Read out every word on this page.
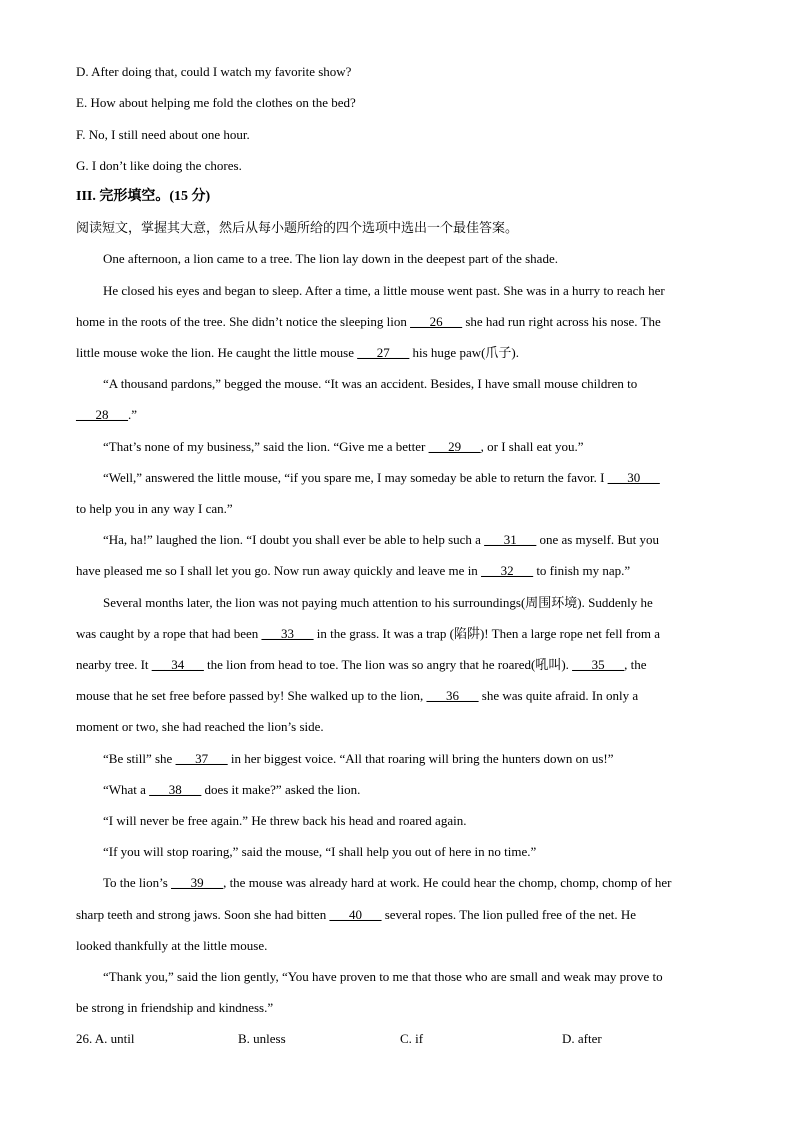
D. After doing that, could I watch my favorite show?
E. How about helping me fold the clothes on the bed?
F. No, I still need about one hour.
G. I don’t like doing the chores.
III. 完形填空。(15 分)
阅读短文，掌握其大意，然后从每小题所给的四个选项中选出一个最佳答案。
One afternoon, a lion came to a tree. The lion lay down in the deepest part of the shade.
He closed his eyes and began to sleep. After a time, a little mouse went past. She was in a hurry to reach her
home in the roots of the tree. She didn’t notice the sleeping lion ___26___ she had run right across his nose. The
little mouse woke the lion. He caught the little mouse ___27___ his huge paw(爪子).
“A thousand pardons,” begged the mouse. “It was an accident. Besides, I have small mouse children to
___28___.”
“That’s none of my business,” said the lion. “Give me a better ___29___, or I shall eat you.”
“Well,” answered the little mouse, “if you spare me, I may someday be able to return the favor. I ___30___
to help you in any way I can.”
“Ha, ha!” laughed the lion. “I doubt you shall ever be able to help such a ___31___ one as myself. But you
have pleased me so I shall let you go. Now run away quickly and leave me in ___32___ to finish my nap.”
Several months later, the lion was not paying much attention to his surroundings(周围环境). Suddenly he
was caught by a rope that had been ___33___ in the grass. It was a trap (陷阱)! Then a large rope net fell from a
nearby tree. It ___34___ the lion from head to toe. The lion was so angry that he roared(吼叫). ___35___, the
mouse that he set free before passed by! She walked up to the lion, ___36___ she was quite afraid. In only a
moment or two, she had reached the lion’s side.
“Be still” she ___37___ in her biggest voice. “All that roaring will bring the hunters down on us!”
“What a ___38___ does it make?” asked the lion.
“I will never be free again.” He threw back his head and roared again.
“If you will stop roaring,” said the mouse, “I shall help you out of here in no time.”
To the lion’s ___39___, the mouse was already hard at work. He could hear the chomp, chomp, chomp of her
sharp teeth and strong jaws. Soon she had bitten ___40___ several ropes. The lion pulled free of the net. He
looked thankfully at the little mouse.
“Thank you,” said the lion gently, “You have proven to me that those who are small and weak may prove to
be strong in friendship and kindness.”
26. A. until	B. unless	C. if	D. after
